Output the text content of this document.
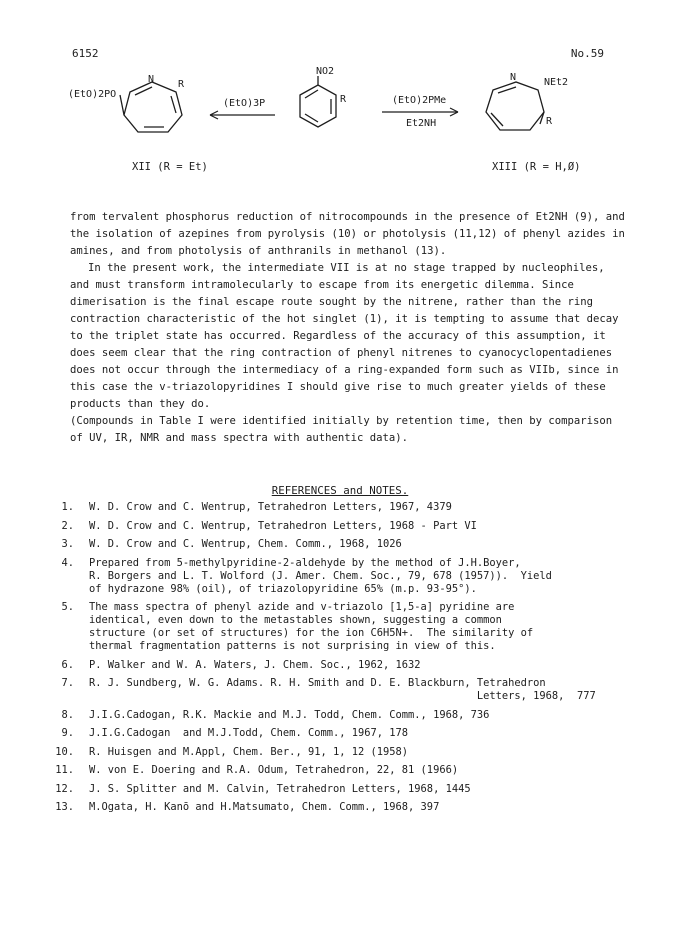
6152	No.59
(EtO)2PO
N R
(EtO)3P
NO2
R	(EtO)2PMe
Et2NH
N	NEt2
R
XII (R = Et)	XIII (R = H,Ø)

from tervalent phosphorus reduction of nitrocompounds in the presence of Et2NH (9), and the isolation of azepines from pyrolysis (10) or photolysis (11,12) of phenyl azides in amines, and from photolysis of anthranils in methanol (13).

In the present work, the intermediate VII is at no stage trapped by nucleophiles, and must transform intramolecularly to escape from its energetic dilemma. Since dimerisation is the final escape route sought by the nitrene, rather than the ring contraction characteristic of the hot singlet (1), it is tempting to assume that decay to the triplet state has occurred. Regardless of the accuracy of this assumption, it does seem clear that the ring contraction of phenyl nitrenes to cyanocyclopentadienes does not occur through the intermediacy of a ring-expanded form such as VIIb, since in this case the v-triazolopyridines I should give rise to much greater yields of these products than they do.

(Compounds in Table I were identified initially by retention time, then by comparison of UV, IR, NMR and mass spectra with authentic data).

REFERENCES and NOTES.
1. W. D. Crow and C. Wentrup, Tetrahedron Letters, 1967, 4379
2. W. D. Crow and C. Wentrup, Tetrahedron Letters, 1968 - Part VI
3. W. D. Crow and C. Wentrup, Chem. Comm., 1968, 1026
4. Prepared from 5-methylpyridine-2-aldehyde by the method of J.H.Boyer,
R. Borgers and L. T. Wolford (J. Amer. Chem. Soc., 79, 678 (1957)).  Yield
of hydrazone 98% (oil), of triazolopyridine 65% (m.p. 93-95°).
5. The mass spectra of phenyl azide and v-triazolo [1,5-a] pyridine are
identical, even down to the metastables shown, suggesting a common
structure (or set of structures) for the ion C6H5N+.  The similarity of
thermal fragmentation patterns is not surprising in view of this.
6. P. Walker and W. A. Waters, J. Chem. Soc., 1962, 1632
7. R. J. Sundberg, W. G. Adams. R. H. Smith and D. E. Blackburn, Tetrahedron
Letters, 1968,  777
8. J.I.G.Cadogan, R.K. Mackie and M.J. Todd, Chem. Comm., 1968, 736
9. J.I.G.Cadogan  and M.J.Todd, Chem. Comm., 1967, 178
10. R. Huisgen and M.Appl, Chem. Ber., 91, 1, 12 (1958)
11. W. von E. Doering and R.A. Odum, Tetrahedron, 22, 81 (1966)
12. J. S. Splitter and M. Calvin, Tetrahedron Letters, 1968, 1445
13. M.Ogata, H. Kanō and H.Matsumato, Chem. Comm., 1968, 397
